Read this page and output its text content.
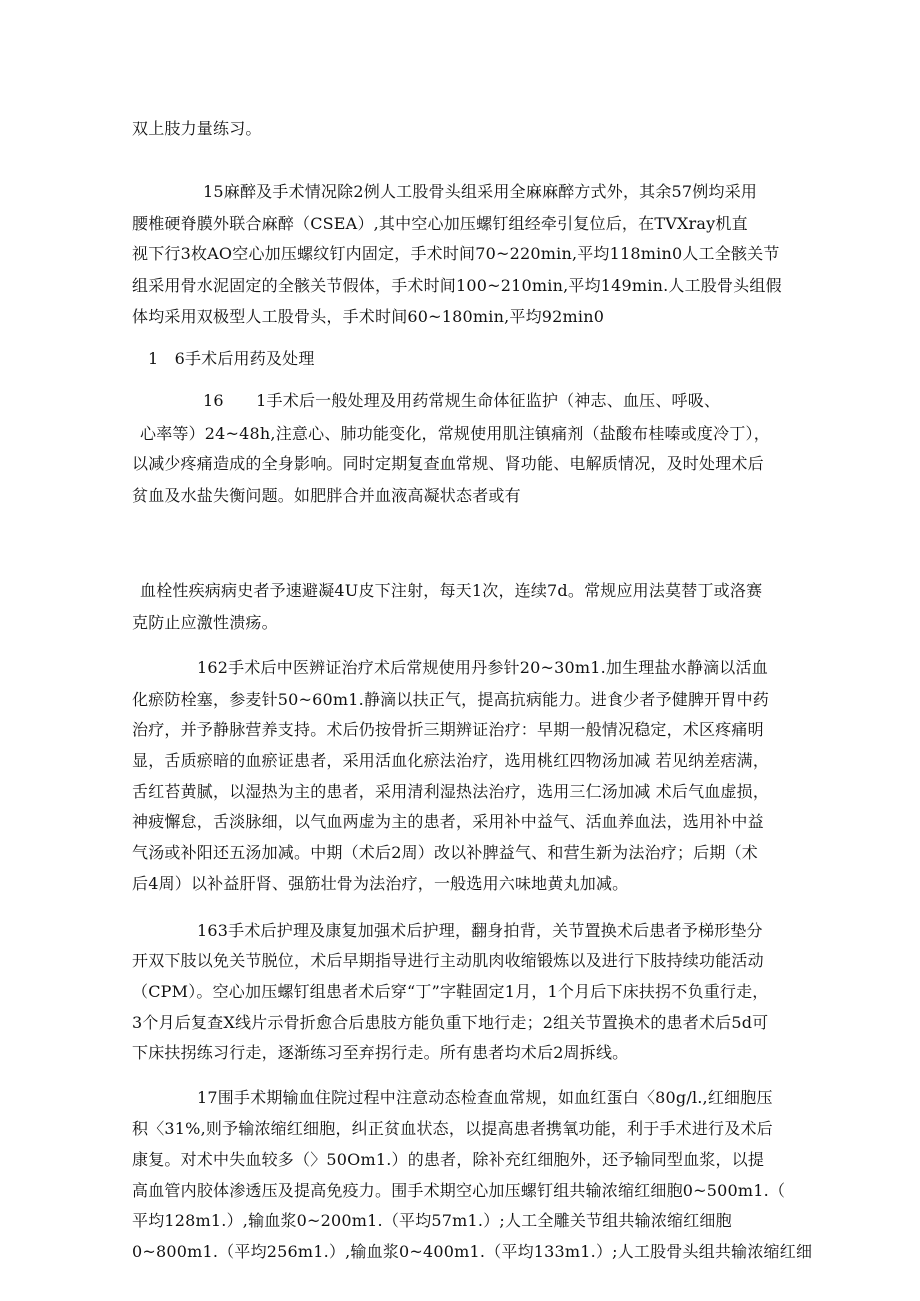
双上肢力量练习。
15麻醉及手术情况除2例人工股骨头组采用全麻麻醉方式外，其余57例均采用
腰椎硬脊膜外联合麻醉（CSEA）,其中空心加压螺钉组经牵引复位后，在TVXray机直
视下行3枚AO空心加压螺纹钉内固定，手术时间70~220min,平均118min0人工全骸关节
组采用骨水泥固定的全骸关节假体，手术时间100~210min,平均149min.人工股骨头组假
体均采用双极型人工股骨头，手术时间60~180min,平均92min0
1　6手术后用药及处理
16　　1手术后一般处理及用药常规生命体征监护（神志、血压、呼吸、
心率等）24~48h,注意心、肺功能变化，常规使用肌注镇痛剂（盐酸布桂嗪或度冷丁），
以减少疼痛造成的全身影响。同时定期复查血常规、肾功能、电解质情况，及时处理术后
贫血及水盐失衡问题。如肥胖合并血液高凝状态者或有
血栓性疾病病史者予速避凝4U皮下注射，每天1次，连续7d。常规应用法莫替丁或洛赛
克防止应激性溃疡。
162手术后中医辨证治疗术后常规使用丹参针20~30m1.加生理盐水静滴以活血
化瘀防栓塞，参麦针50~60m1.静滴以扶正气，提高抗病能力。进食少者予健脾开胃中药
治疗，并予静脉营养支持。术后仍按骨折三期辨证治疗：早期一般情况稳定，术区疼痛明
显，舌质瘀暗的血瘀证患者，采用活血化瘀法治疗，选用桃红四物汤加减 若见纳差痞满，
舌红苔黄腻，以湿热为主的患者，采用清利湿热法治疗，选用三仁汤加减 术后气血虚损，
神疲懈怠，舌淡脉细，以气血两虚为主的患者，采用补中益气、活血养血法，选用补中益
气汤或补阳还五汤加减。中期（术后2周）改以补脾益气、和营生新为法治疗；后期（术
后4周）以补益肝肾、强筋壮骨为法治疗，一般选用六味地黄丸加减。
163手术后护理及康复加强术后护理，翻身拍背，关节置换术后患者予梯形垫分
开双下肢以免关节脱位，术后早期指导进行主动肌肉收缩锻炼以及进行下肢持续功能活动
（CPM）。空心加压螺钉组患者术后穿“丁”字鞋固定1月，1个月后下床扶拐不负重行走，
3个月后复查X线片示骨折愈合后患肢方能负重下地行走；2组关节置换术的患者术后5d可
下床扶拐练习行走，逐渐练习至弃拐行走。所有患者均术后2周拆线。
17围手术期输血住院过程中注意动态检查血常规，如血红蛋白〈80g/l.,红细胞压
积〈31%,则予输浓缩红细胞，纠正贫血状态，以提高患者携氧功能，利于手术进行及术后
康复。对术中失血较多（〉50Om1.）的患者，除补充红细胞外，还予输同型血浆，以提
高血管内胶体渗透压及提高免疫力。围手术期空心加压螺钉组共输浓缩红细胞0~500m1.（
平均128m1.）,输血浆0~200m1.（平均57m1.）;人工全雕关节组共输浓缩红细胞
0~800m1.（平均256m1.）,输血浆0~400m1.（平均133m1.）;人工股骨头组共输浓缩红细
